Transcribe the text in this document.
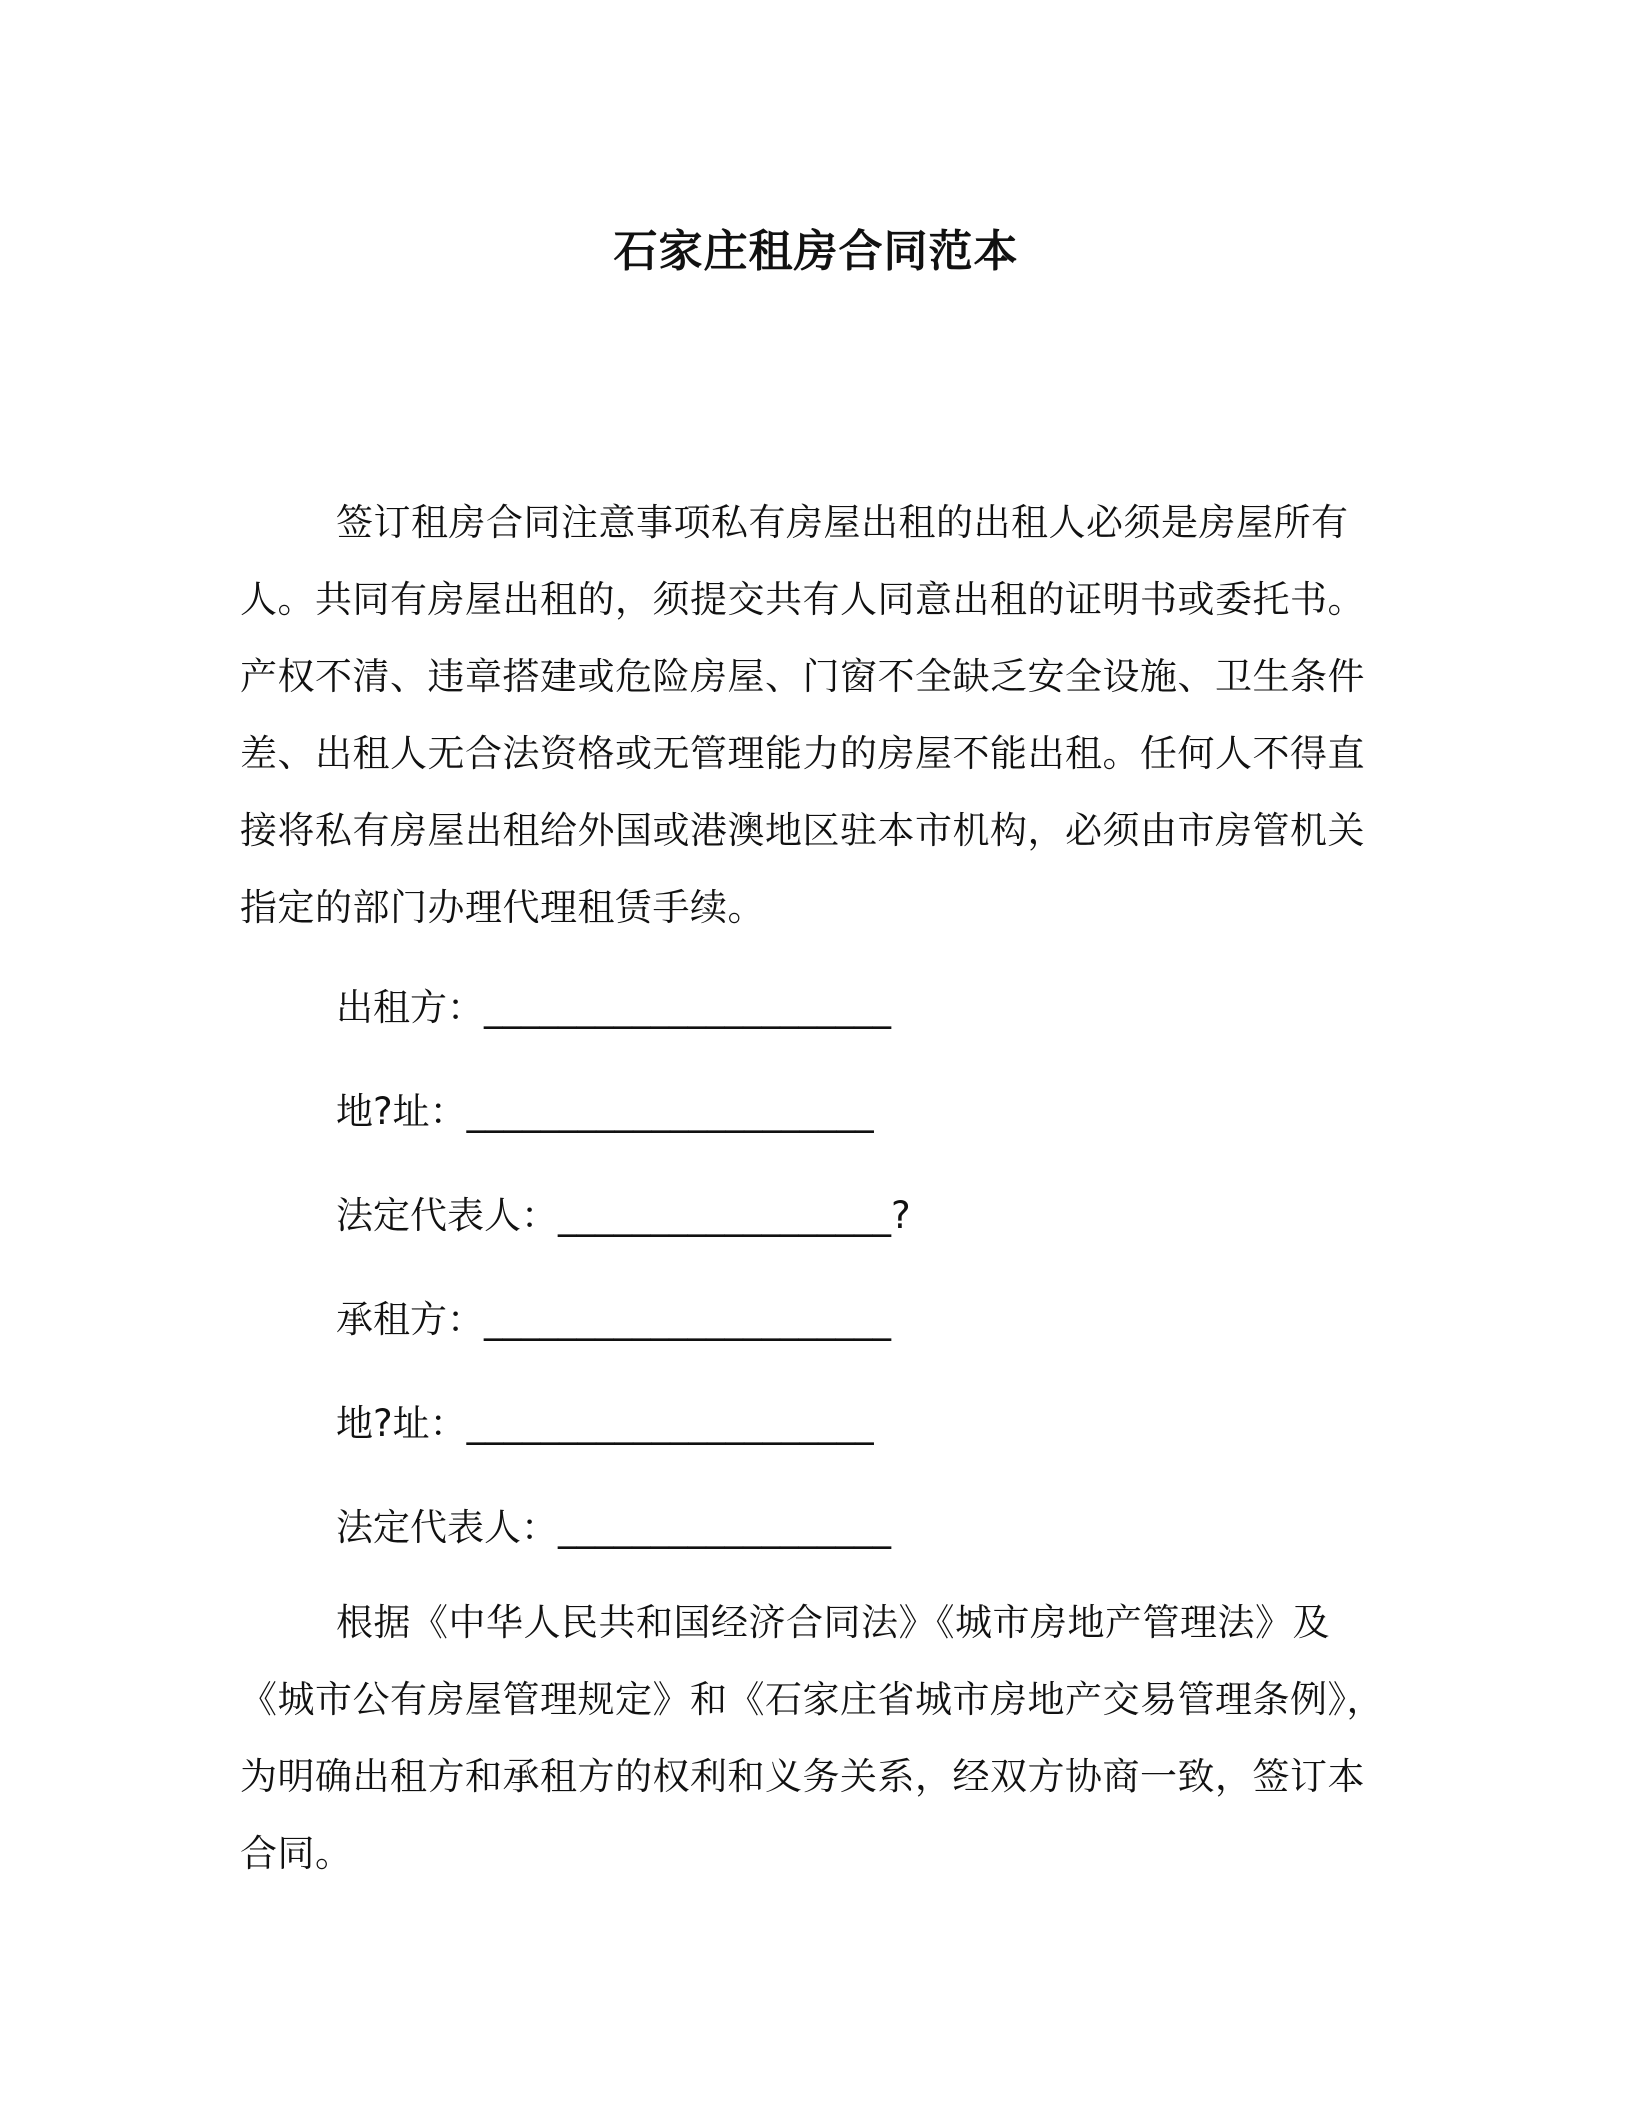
石家庄租房合同范本

签订租房合同注意事项私有房屋出租的出租人必须是房屋所有人。共同有房屋出租的，须提交共有人同意出租的证明书或委托书。产权不清、违章搭建或危险房屋、门窗不全缺乏安全设施、卫生条件差、出租人无合法资格或无管理能力的房屋不能出租。任何人不得直接将私有房屋出租给外国或港澳地区驻本市机构，必须由市房管机关指定的部门办理代理租赁手续。

出租方：______________________
地?址：______________________
法定代表人：__________________?
承租方：______________________
地?址：______________________
法定代表人：__________________

根据《中华人民共和国经济合同法》《城市房地产管理法》及《城市公有房屋管理规定》和《石家庄省城市房地产交易管理条例》，为明确出租方和承租方的权利和义务关系，经双方协商一致，签订本合同。
